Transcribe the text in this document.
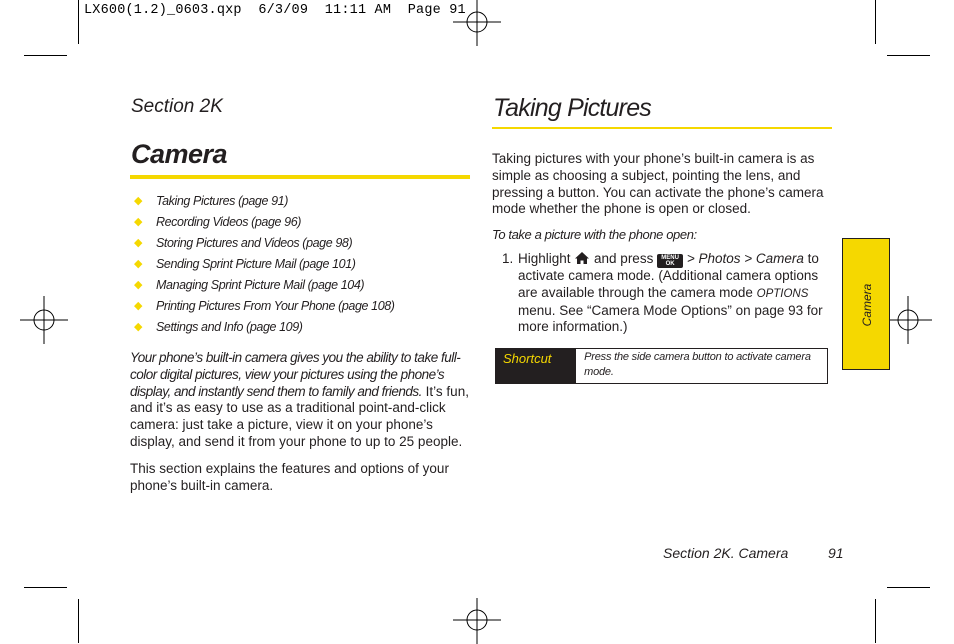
LX600(1.2)_0603.qxp  6/3/09  11:11 AM  Page 91
Section 2K
Camera
◆	Taking Pictures (page 91)
◆	Recording Videos (page 96)
◆	Storing Pictures and Videos (page 98)
◆	Sending Sprint Picture Mail (page 101)
◆	Managing Sprint Picture Mail (page 104)
◆	Printing Pictures From Your Phone (page 108)
◆	Settings and Info (page 109)

Your phone’s built-in camera gives you the ability to take full-color digital pictures, view your pictures using the phone’s display, and instantly send them to family and friends. It’s fun, and it’s as easy to use as a traditional point-and-click camera: just take a picture, view it on your phone’s display, and send it from your phone to up to 25 people.

This section explains the features and options of your phone’s built-in camera.

Taking Pictures

Taking pictures with your phone’s built-in camera is as simple as choosing a subject, pointing the lens, and pressing a button. You can activate the phone’s camera mode whether the phone is open or closed.

To take a picture with the phone open:
1. Highlight  and press MENU OK > Photos > Camera to activate camera mode. (Additional camera options are available through the camera mode OPTIONS menu. See “Camera Mode Options” on page 93 for more information.)
Shortcut	Press the side camera button to activate camera mode.
Camera
Section 2K. Camera	91
